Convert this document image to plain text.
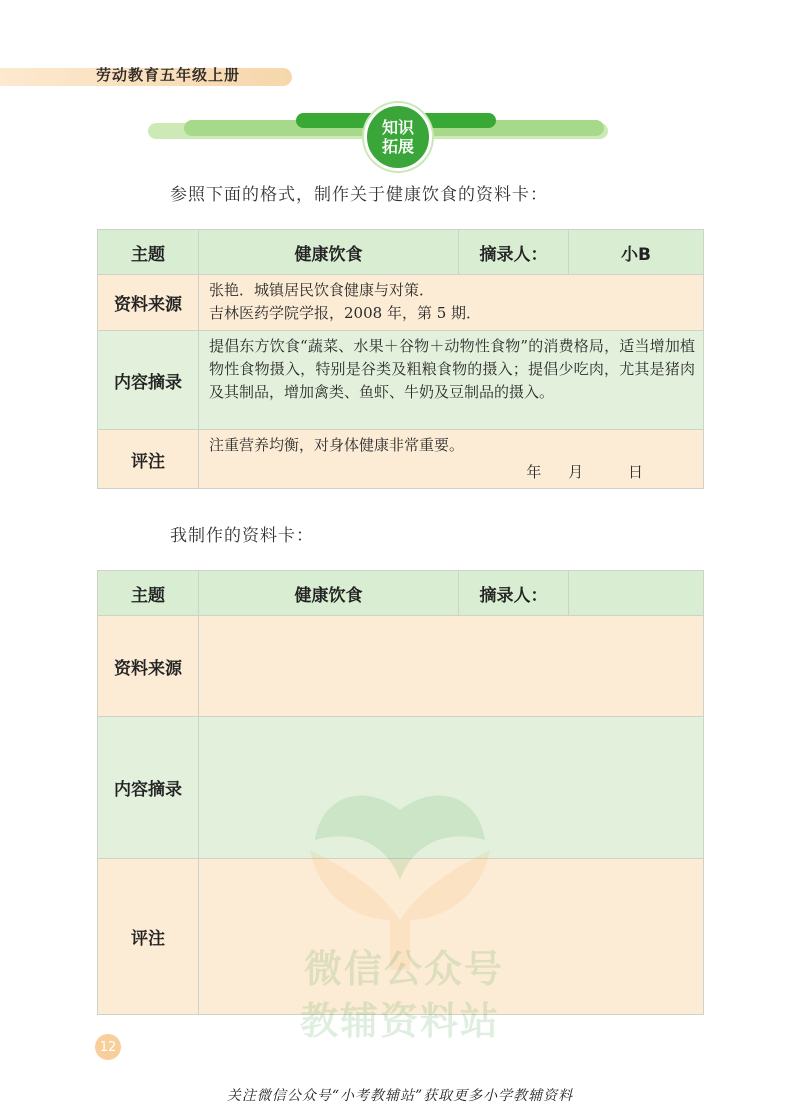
劳动教育五年级上册
知识
拓展
参照下面的格式，制作关于健康饮食的资料卡：
主题	健康饮食	摘录人：	小B
资料来源	张艳．城镇居民饮食健康与对策．
吉林医药学院学报，2008 年，第 5 期．		

内容摘录	提倡东方饮食“蔬菜、水果＋谷物＋动物性食物”的消费格局，适当增加植物性食物摄入，特别是谷类及粗粮食物的摄入；提倡少吃肉，尤其是猪肉及其制品，增加禽类、鱼虾、牛奶及豆制品的摄入。		
评注	注重营养均衡，对身体健康非常重要。
年 月 日		
我制作的资料卡：
主题	健康饮食	摘录人：	
资料来源			
内容摘录			
评注			
微信公众号
教辅资料站
12
关注微信公众号“小考教辅站”获取更多小学教辅资料
